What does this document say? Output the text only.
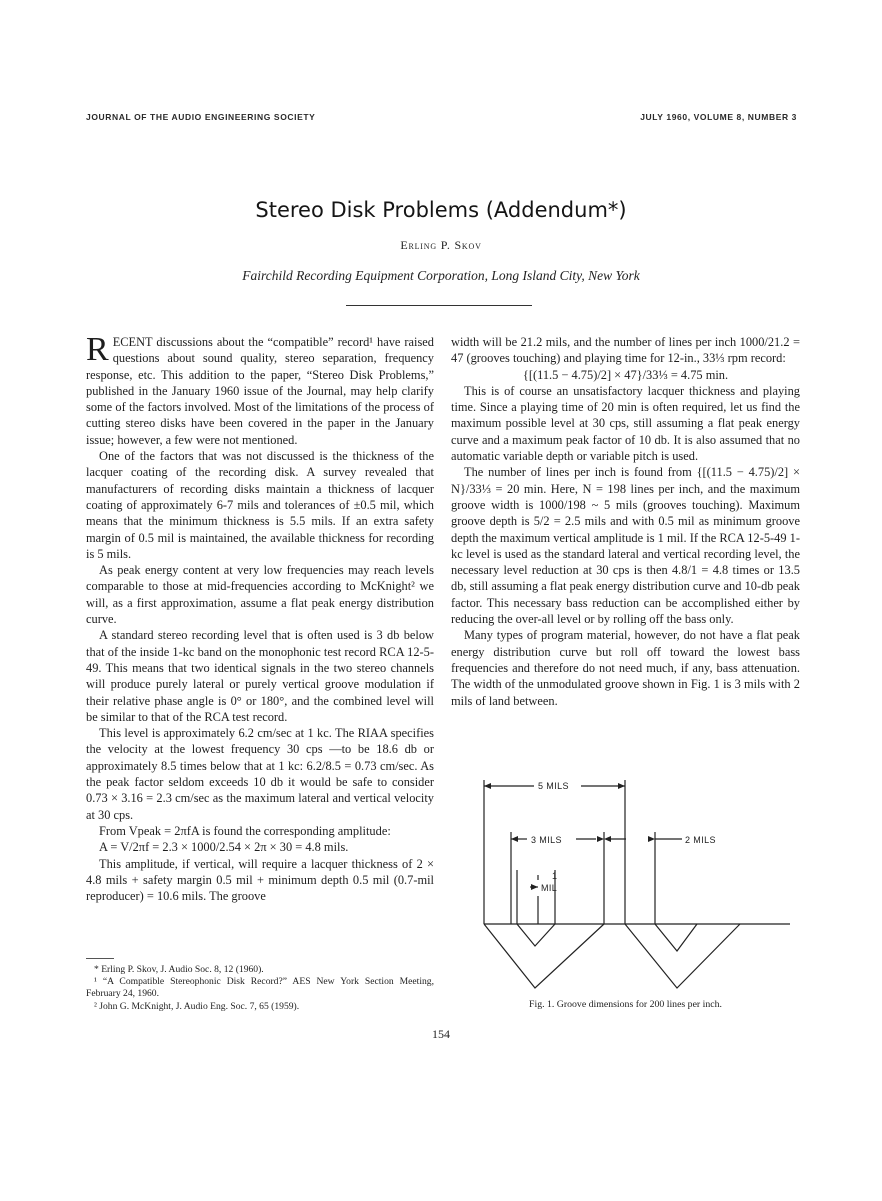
JOURNAL OF THE AUDIO ENGINEERING SOCIETY	JULY 1960, VOLUME 8, NUMBER 3
Stereo Disk Problems (Addendum*)
Erling P. Skov
Fairchild Recording Equipment Corporation, Long Island City, New York

RECENT discussions about the “compatible” record¹ have raised questions about sound quality, stereo separation, frequency response, etc. This addition to the paper, “Stereo Disk Problems,” published in the January 1960 issue of the Journal, may help clarify some of the factors involved. Most of the limitations of the process of cutting stereo disks have been covered in the paper in the January issue; however, a few were not mentioned.

One of the factors that was not discussed is the thickness of the lacquer coating of the recording disk. A survey revealed that manufacturers of recording disks maintain a thickness of lacquer coating of approximately 6-7 mils and tolerances of ±0.5 mil, which means that the minimum thickness is 5.5 mils. If an extra safety margin of 0.5 mil is maintained, the available thickness for recording is 5 mils.

As peak energy content at very low frequencies may reach levels comparable to those at mid-frequencies according to McKnight² we will, as a first approximation, assume a flat peak energy distribution curve.

A standard stereo recording level that is often used is 3 db below that of the inside 1-kc band on the monophonic test record RCA 12-5-49. This means that two identical signals in the two stereo channels will produce purely lateral or purely vertical groove modulation if their relative phase angle is 0° or 180°, and the combined level will be similar to that of the RCA test record.

This level is approximately 6.2 cm/sec at 1 kc. The RIAA specifies the velocity at the lowest frequency 30 cps —to be 18.6 db or approximately 8.5 times below that at 1 kc: 6.2/8.5 = 0.73 cm/sec. As the peak factor seldom exceeds 10 db it would be safe to consider 0.73 × 3.16 = 2.3 cm/sec as the maximum lateral and vertical velocity at 30 cps.

From Vpeak = 2πfA is found the corresponding amplitude:

A = V/2πf = 2.3 × 1000/2.54 × 2π × 30 = 4.8 mils.

This amplitude, if vertical, will require a lacquer thickness of 2 × 4.8 mils + safety margin 0.5 mil + minimum depth 0.5 mil (0.7-mil reproducer) = 10.6 mils. The groove

width will be 21.2 mils, and the number of lines per inch 1000/21.2 = 47 (grooves touching) and playing time for 12-in., 33⅓ rpm record:

{[(11.5 − 4.75)/2] × 47}/33⅓ = 4.75 min.

This is of course an unsatisfactory lacquer thickness and playing time. Since a playing time of 20 min is often required, let us find the maximum possible level at 30 cps, still assuming a flat peak energy curve and a maximum peak factor of 10 db. It is also assumed that no automatic variable depth or variable pitch is used.

The number of lines per inch is found from {[(11.5 − 4.75)/2] × N}/33⅓ = 20 min. Here, N = 198 lines per inch, and the maximum groove width is 1000/198 ~ 5 mils (grooves touching). Maximum groove depth is 5/2 = 2.5 mils and with 0.5 mil as minimum groove depth the maximum vertical amplitude is 1 mil. If the RCA 12-5-49 1-kc level is used as the standard lateral and vertical recording level, the necessary level reduction at 30 cps is then 4.8/1 = 4.8 times or 13.5 db, still assuming a flat peak energy distribution curve and 10-db peak factor. This necessary bass reduction can be accomplished either by reducing the over-all level or by rolling off the bass only.

Many types of program material, however, do not have a flat peak energy distribution curve but roll off toward the lowest bass frequencies and therefore do not need much, if any, bass attenuation. The width of the unmodulated groove shown in Fig. 1 is 3 mils with 2 mils of land between.

* Erling P. Skov, J. Audio Soc. 8, 12 (1960).
¹ “A Compatible Stereophonic Disk Record?” AES New York Section Meeting, February 24, 1960.
² John G. McKnight, J. Audio Eng. Soc. 7, 65 (1959).
5 MILS
3 MILS	2 MILS
MIL
1
Fig. 1. Groove dimensions for 200 lines per inch.
154
